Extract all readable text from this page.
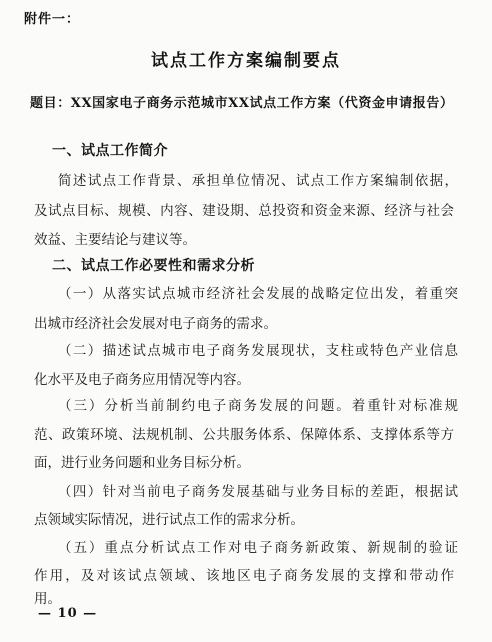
附件一：
试点工作方案编制要点
题目：XX国家电子商务示范城市XX试点工作方案（代资金申请报告）
一、试点工作简介
简述试点工作背景、承担单位情况、试点工作方案编制依据，
及试点目标、规模、内容、建设期、总投资和资金来源、经济与社会
效益、主要结论与建议等。
二、试点工作必要性和需求分析
（一）从落实试点城市经济社会发展的战略定位出发，着重突
出城市经济社会发展对电子商务的需求。
（二）描述试点城市电子商务发展现状，支柱或特色产业信息
化水平及电子商务应用情况等内容。
（三）分析当前制约电子商务发展的问题。着重针对标准规
范、政策环境、法规机制、公共服务体系、保障体系、支撑体系等方
面，进行业务问题和业务目标分析。
（四）针对当前电子商务发展基础与业务目标的差距，根据试
点领域实际情况，进行试点工作的需求分析。
（五）重点分析试点工作对电子商务新政策、新规制的验证
作用，及对该试点领域、该地区电子商务发展的支撑和带动作
用。
— 10 —
